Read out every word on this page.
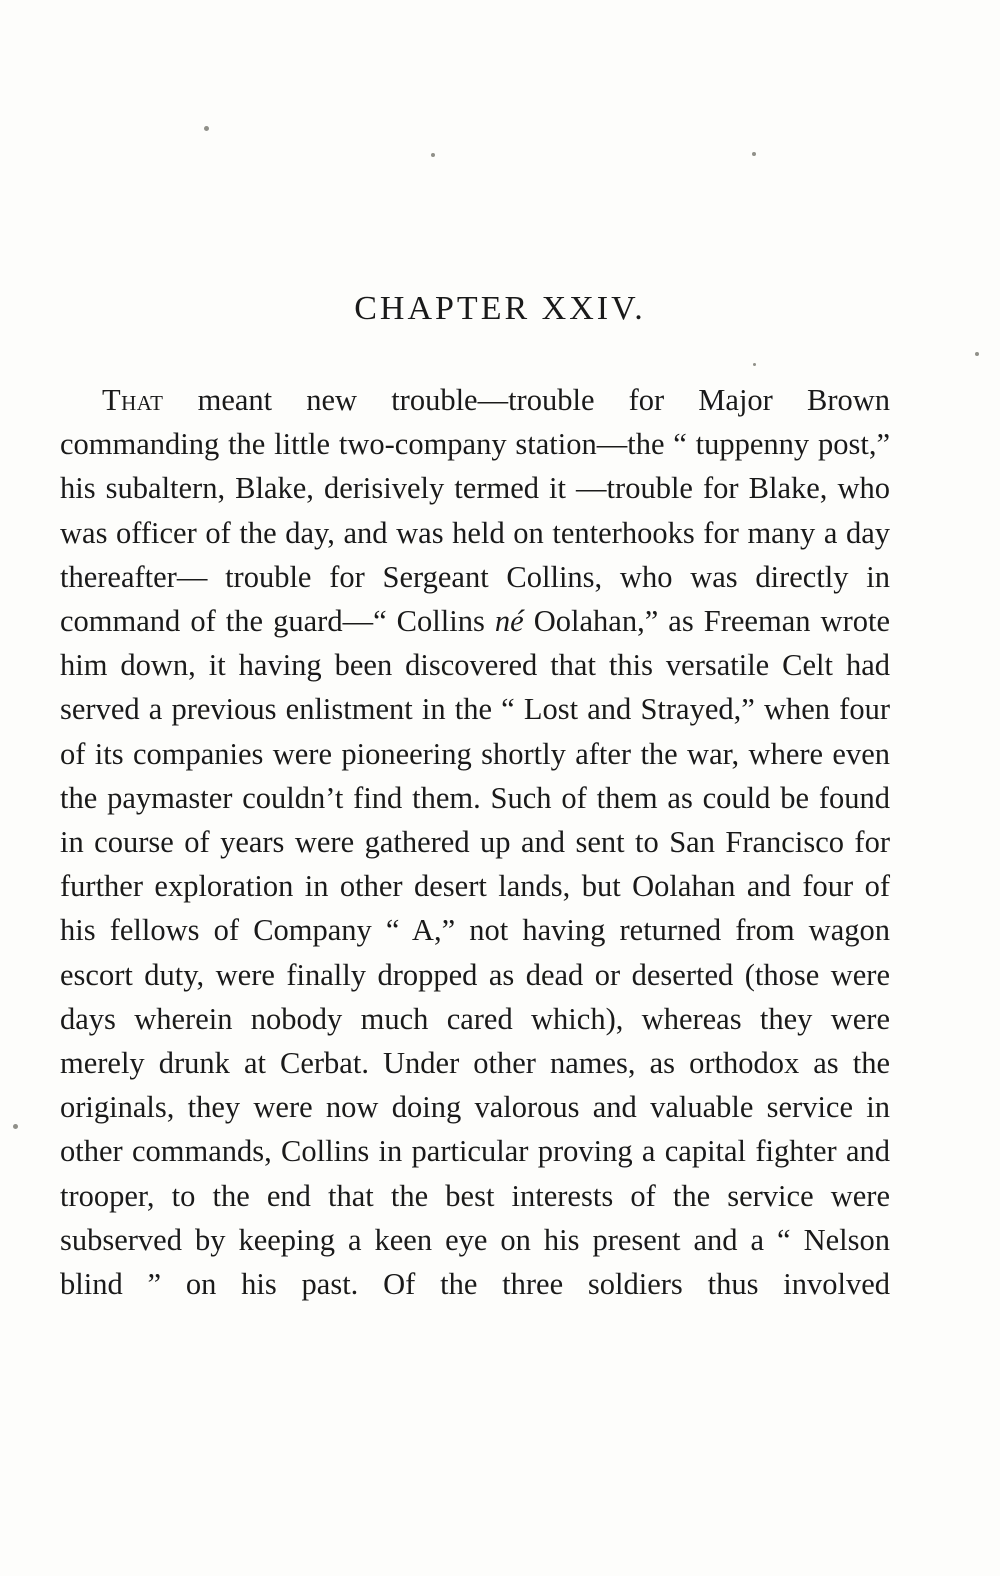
CHAPTER XXIV.

That meant new trouble—trouble for Major Brown commanding the little two-company station—the “ tuppenny post,” his subaltern, Blake, derisively termed it —trouble for Blake, who was officer of the day, and was held on tenterhooks for many a day thereafter— trouble for Sergeant Collins, who was directly in command of the guard—“ Collins né Oolahan,” as Freeman wrote him down, it having been discovered that this versatile Celt had served a previous enlistment in the “ Lost and Strayed,” when four of its companies were pioneering shortly after the war, where even the paymaster couldn’t find them. Such of them as could be found in course of years were gathered up and sent to San Francisco for further exploration in other desert lands, but Oolahan and four of his fellows of Company “ A,” not having returned from wagon escort duty, were finally dropped as dead or deserted (those were days wherein nobody much cared which), whereas they were merely drunk at Cerbat. Under other names, as orthodox as the originals, they were now doing valorous and valuable service in other commands, Collins in particular proving a capital fighter and trooper, to the end that the best interests of the service were subserved by keeping a keen eye on his present and a “ Nelson blind ” on his past. Of the three soldiers thus involved
